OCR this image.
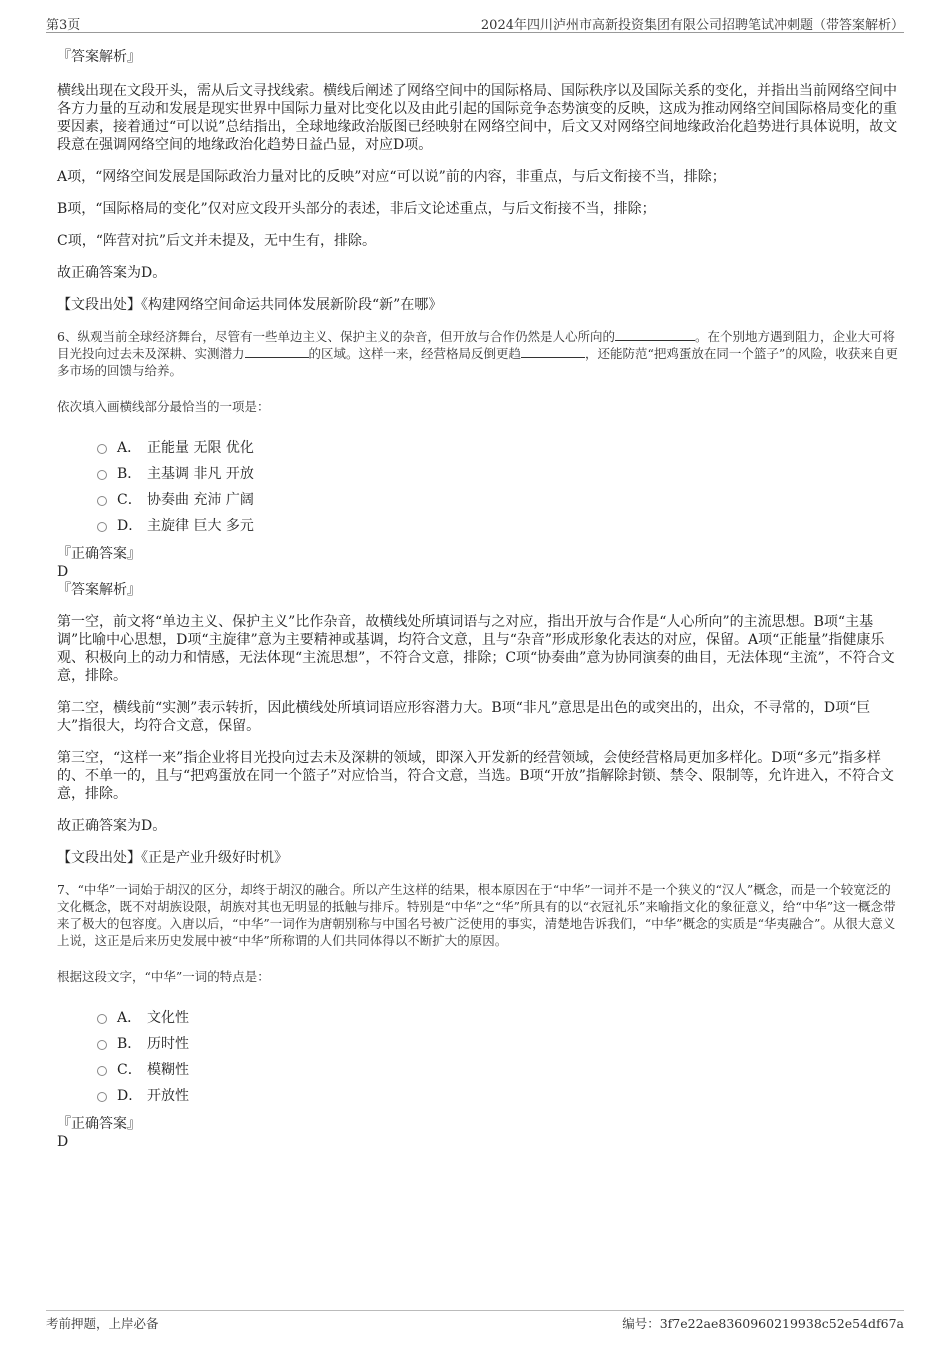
第3页	2024年四川泸州市高新投资集团有限公司招聘笔试冲刺题（带答案解析）
『答案解析』

横线出现在文段开头，需从后文寻找线索。横线后阐述了网络空间中的国际格局、国际秩序以及国际关系的变化，并指出当前网络空间中各方力量的互动和发展是现实世界中国际力量对比变化以及由此引起的国际竞争态势演变的反映，这成为推动网络空间国际格局变化的重要因素，接着通过“可以说”总结指出，全球地缘政治版图已经映射在网络空间中，后文又对网络空间地缘政治化趋势进行具体说明，故文段意在强调网络空间的地缘政治化趋势日益凸显，对应D项。

A项，“网络空间发展是国际政治力量对比的反映”对应“可以说”前的内容，非重点，与后文衔接不当，排除；

B项，“国际格局的变化”仅对应文段开头部分的表述，非后文论述重点，与后文衔接不当，排除；

C项，“阵营对抗”后文并未提及，无中生有，排除。

故正确答案为D。

【文段出处】《构建网络空间命运共同体发展新阶段“新”在哪》

6、纵观当前全球经济舞台，尽管有一些单边主义、保护主义的杂音，但开放与合作仍然是人心所向的	。在个别地方遇到阻力，企业大可将目光投向过去未及深耕、实测潜力	的区域。这样一来，经营格局反倒更趋	，还能防范“把鸡蛋放在同一个篮子”的风险，收获来自更多市场的回馈与给养。

依次填入画横线部分最恰当的一项是：

A． 正能量 无限 优化
B． 主基调 非凡 开放
C． 协奏曲 充沛 广阔
D． 主旋律 巨大 多元
『正确答案』
D
『答案解析』

第一空，前文将“单边主义、保护主义”比作杂音，故横线处所填词语与之对应，指出开放与合作是“人心所向”的主流思想。B项“主基调”比喻中心思想，D项“主旋律”意为主要精神或基调，均符合文意，且与“杂音”形成形象化表达的对应，保留。A项“正能量”指健康乐观、积极向上的动力和情感，无法体现“主流思想”，不符合文意，排除；C项“协奏曲”意为协同演奏的曲目，无法体现“主流”，不符合文意，排除。

第二空，横线前“实测”表示转折，因此横线处所填词语应形容潜力大。B项“非凡”意思是出色的或突出的，出众，不寻常的，D项“巨大”指很大，均符合文意，保留。

第三空，“这样一来”指企业将目光投向过去未及深耕的领域，即深入开发新的经营领域，会使经营格局更加多样化。D项“多元”指多样的、不单一的，且与“把鸡蛋放在同一个篮子”对应恰当，符合文意，当选。B项“开放”指解除封锁、禁令、限制等，允许进入，不符合文意，排除。

故正确答案为D。

【文段出处】《正是产业升级好时机》

7、“中华”一词始于胡汉的区分，却终于胡汉的融合。所以产生这样的结果，根本原因在于“中华”一词并不是一个狭义的“汉人”概念，而是一个较宽泛的文化概念，既不对胡族设限，胡族对其也无明显的抵触与排斥。特别是“中华”之“华”所具有的以“衣冠礼乐”来喻指文化的象征意义，给“中华”这一概念带来了极大的包容度。入唐以后，“中华”一词作为唐朝别称与中国名号被广泛使用的事实，清楚地告诉我们，“中华”概念的实质是“华夷融合”。从很大意义上说，这正是后来历史发展中被“中华”所称谓的人们共同体得以不断扩大的原因。

根据这段文字，“中华”一词的特点是：

A． 文化性
B． 历时性
C． 模糊性
D． 开放性
『正确答案』
D
考前押题，上岸必备	编号：3f7e22ae8360960219938c52e54df67a
